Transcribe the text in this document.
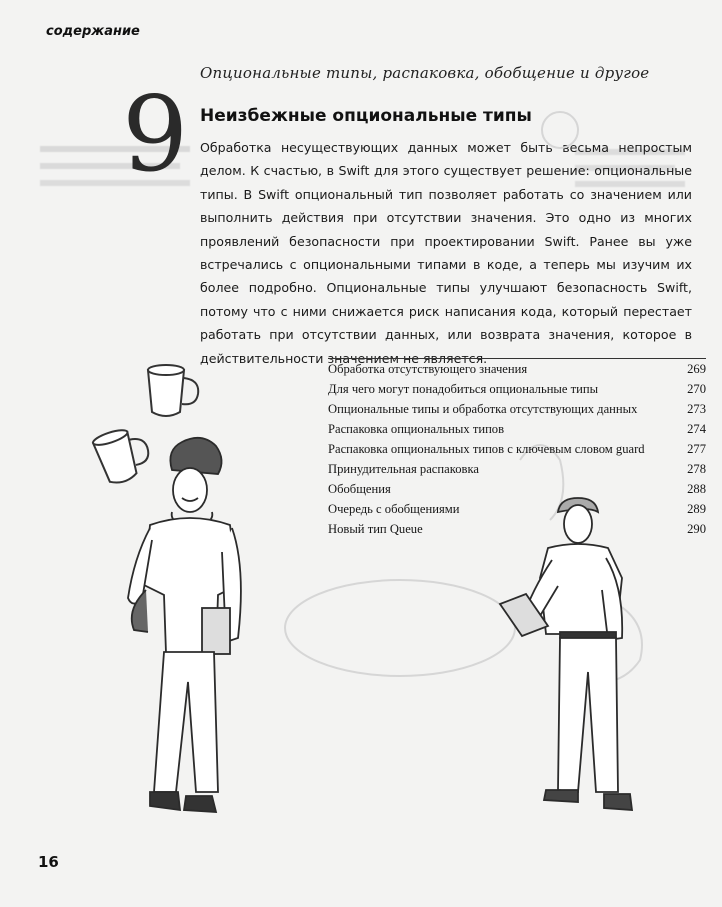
содержание
9 Опциональные типы, распаковка, обобщение и другое
Неизбежные опциональные типы
Обработка несуществующих данных может быть весьма непростым делом. К счастью, в Swift для этого существует решение: опциональные типы. В Swift опциональный тип позволяет работать со значением или выполнить действия при отсутствии значения. Это одно из многих проявлений безопасности при проектировании Swift. Ранее вы уже встречались с опциональными типами в коде, а теперь мы изучим их более подробно. Опциональные типы улучшают безопасность Swift, потому что с ними снижается риск написания кода, который перестает работать при отсутствии данных, или возврата значения, которое в действительности значением не является.
Обработка отсутствующего значения	269
Для чего могут понадобиться опциональные типы	270
Опциональные типы и обработка отсутствующих данных	273
Распаковка опциональных типов	274
Распаковка опциональных типов с ключевым словом guard	277
Принудительная распаковка	278
Обобщения	288
Очередь с обобщениями	289
Новый тип Queue	290
16
